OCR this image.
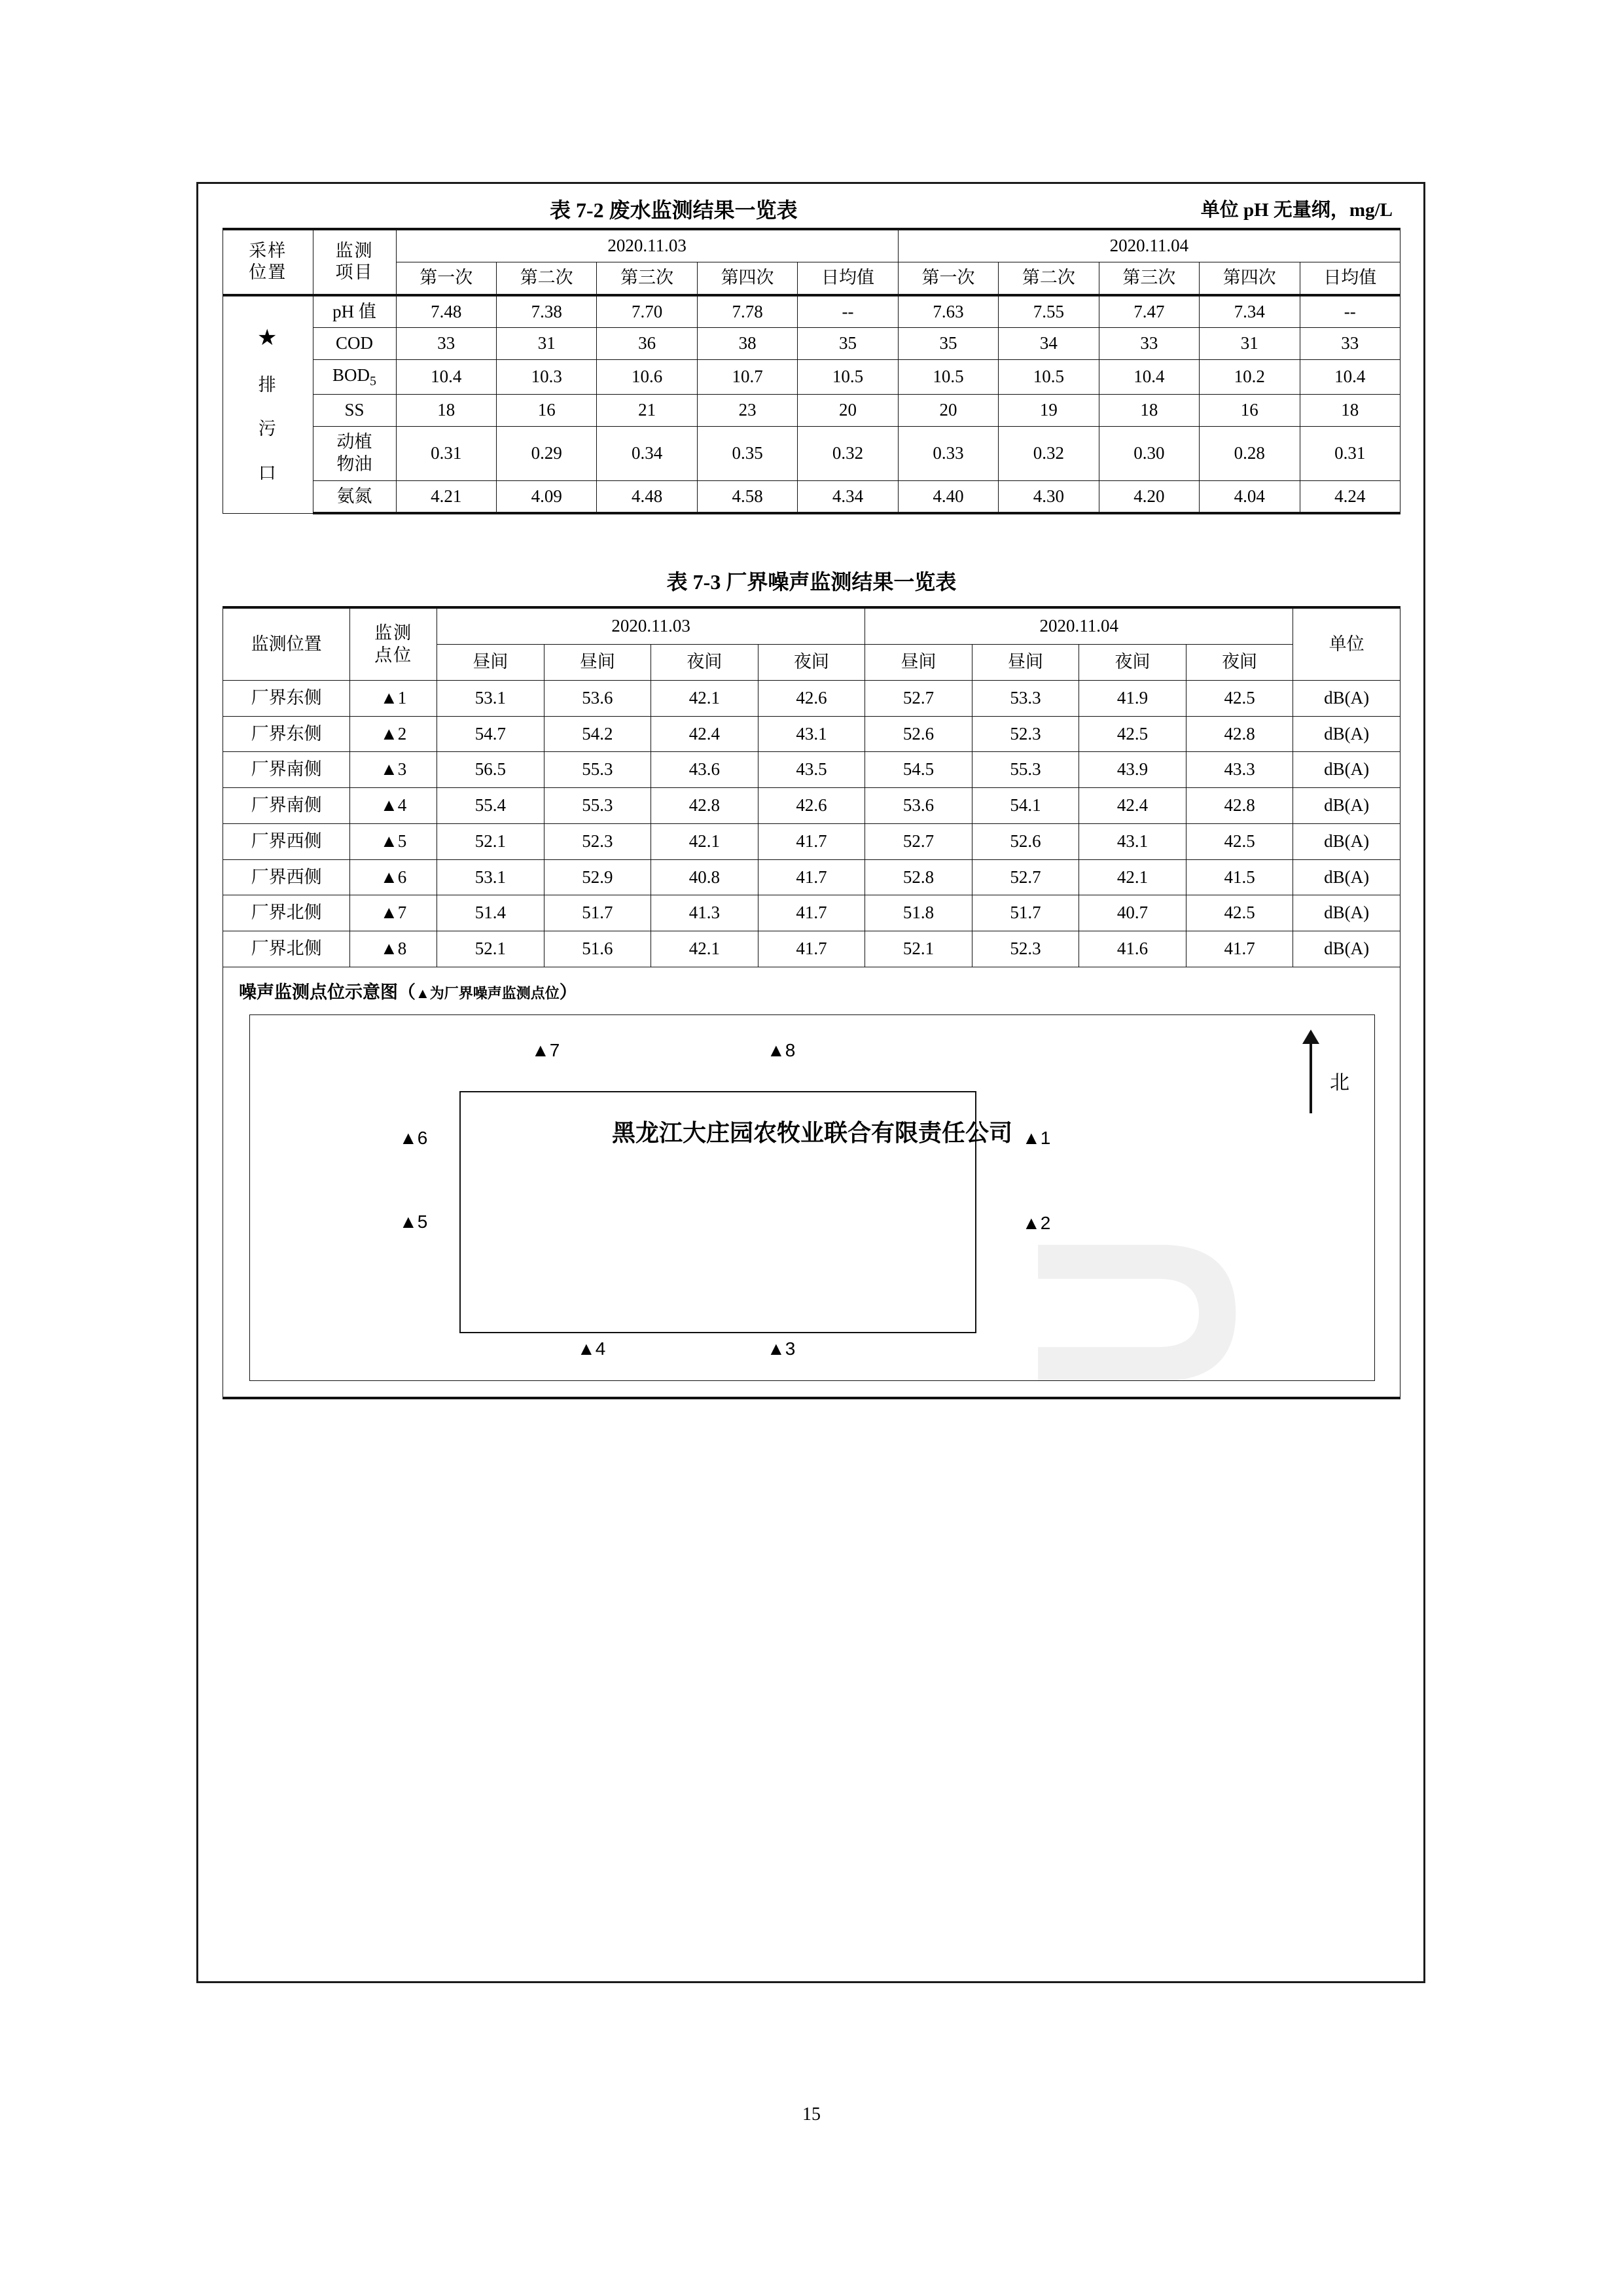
表 7-2 废水监测结果一览表	单位 pH 无量纲，mg/L
采样
位置	监测
项目	2020.11.03					2020.11.04				
		第一次	第二次	第三次	第四次	日均值	第一次	第二次	第三次	第四次	日均值
★

排

污

口	pH 值	7.48	7.38	7.70	7.78	--	7.63	7.55	7.47	7.34	--
	COD	33	31	36	38	35	35	34	33	31	33
	$BOD_5$	10.4	10.3	10.6	10.7	10.5	10.5	10.5	10.4	10.2	10.4
	SS	18	16	21	23	20	20	19	18	16	18
	动植
物油	0.31	0.29	0.34	0.35	0.32	0.33	0.32	0.30	0.28	0.31
	氨氮	4.21	4.09	4.48	4.58	4.34	4.40	4.30	4.20	4.04	4.24
表 7-3 厂界噪声监测结果一览表
监测位置	监测
点位	2020.11.03				2020.11.04				单位
		昼间	昼间	夜间	夜间	昼间	昼间	夜间	夜间	
厂界东侧	▲1	53.1	53.6	42.1	42.6	52.7	53.3	41.9	42.5	dB(A)
厂界东侧	▲2	54.7	54.2	42.4	43.1	52.6	52.3	42.5	42.8	dB(A)
厂界南侧	▲3	56.5	55.3	43.6	43.5	54.5	55.3	43.9	43.3	dB(A)
厂界南侧	▲4	55.4	55.3	42.8	42.6	53.6	54.1	42.4	42.8	dB(A)
厂界西侧	▲5	52.1	52.3	42.1	41.7	52.7	52.6	43.1	42.5	dB(A)
厂界西侧	▲6	53.1	52.9	40.8	41.7	52.8	52.7	42.1	41.5	dB(A)
厂界北侧	▲7	51.4	51.7	41.3	41.7	51.8	51.7	40.7	42.5	dB(A)
厂界北侧	▲8	52.1	51.6	42.1	41.7	52.1	52.3	41.6	41.7	dB(A)
噪声监测点位示意图（▲为厂界噪声监测点位）
黑龙江大庄园农牧业联合有限责任公司
▲7	▲8
▲6	▲1
▲5	▲2
▲4	▲3
北
15
